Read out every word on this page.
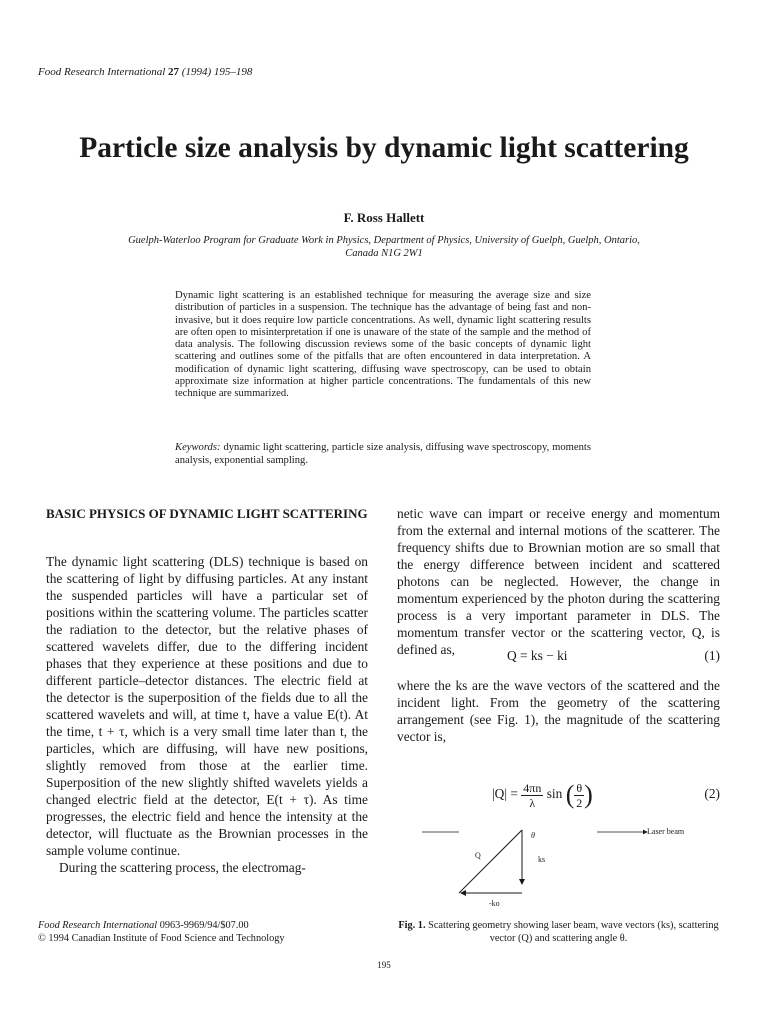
Food Research International 27 (1994) 195–198
Particle size analysis by dynamic light scattering
F. Ross Hallett
Guelph-Waterloo Program for Graduate Work in Physics, Department of Physics, University of Guelph, Guelph, Ontario,
Canada N1G 2W1
Dynamic light scattering is an established technique for measuring the average size and size distribution of particles in a suspension. The technique has the advantage of being fast and non-invasive, but it does require low particle concentrations. As well, dynamic light scattering results are often open to misinterpretation if one is unaware of the state of the sample and the method of data analysis. The following discussion reviews some of the basic concepts of dynamic light scattering and outlines some of the pitfalls that are often encountered in data interpretation. A modification of dynamic light scattering, diffusing wave spectroscopy, can be used to obtain approximate size information at higher particle concentrations. The fundamentals of this new technique are summarized.
Keywords: dynamic light scattering, particle size analysis, diffusing wave spectroscopy, moments analysis, exponential sampling.
BASIC PHYSICS OF DYNAMIC LIGHT SCATTERING

The dynamic light scattering (DLS) technique is based on the scattering of light by diffusing particles. At any instant the suspended particles will have a particular set of positions within the scattering volume. The particles scatter the radiation to the detector, but the relative phases of scattered wavelets differ, due to the differing incident phases that they experience at these positions and due to different particle–detector distances. The electric field at the detector is the superposition of the fields due to all the scattered wavelets and will, at time t, have a value E(t). At the time, t + τ, which is a very small time later than t, the particles, which are diffusing, will have new positions, slightly removed from those at the earlier time. Superposition of the new slightly shifted wavelets yields a changed electric field at the detector, E(t + τ). As time progresses, the electric field and hence the intensity at the detector, will fluctuate as the Brownian processes in the sample volume continue.

During the scattering process, the electromag-

netic wave can impart or receive energy and momentum from the external and internal motions of the scatterer. The frequency shifts due to Brownian motion are so small that the energy difference between incident and scattered photons can be neglected. However, the change in momentum experienced by the photon during the scattering process is a very important parameter in DLS. The momentum transfer vector or the scattering vector, Q, is defined as,	Q = ks − ki	(1)
where the ks are the wave vectors of the scattered and the incident light. From the geometry of the scattering arrangement (see Fig. 1), the magnitude of the scattering vector is,
$|Q| = \frac{4\pi n}{\lambda}$ sin ( $\frac{\theta}{2}$ )	(2)
Laser beam
θ
Q	ks
-ko
Food Research International 0963-9969/94/$07.00
© 1994 Canadian Institute of Food Science and Technology
Fig. 1. Scattering geometry showing laser beam, wave vectors (ks), scattering vector (Q) and scattering angle θ.
195
